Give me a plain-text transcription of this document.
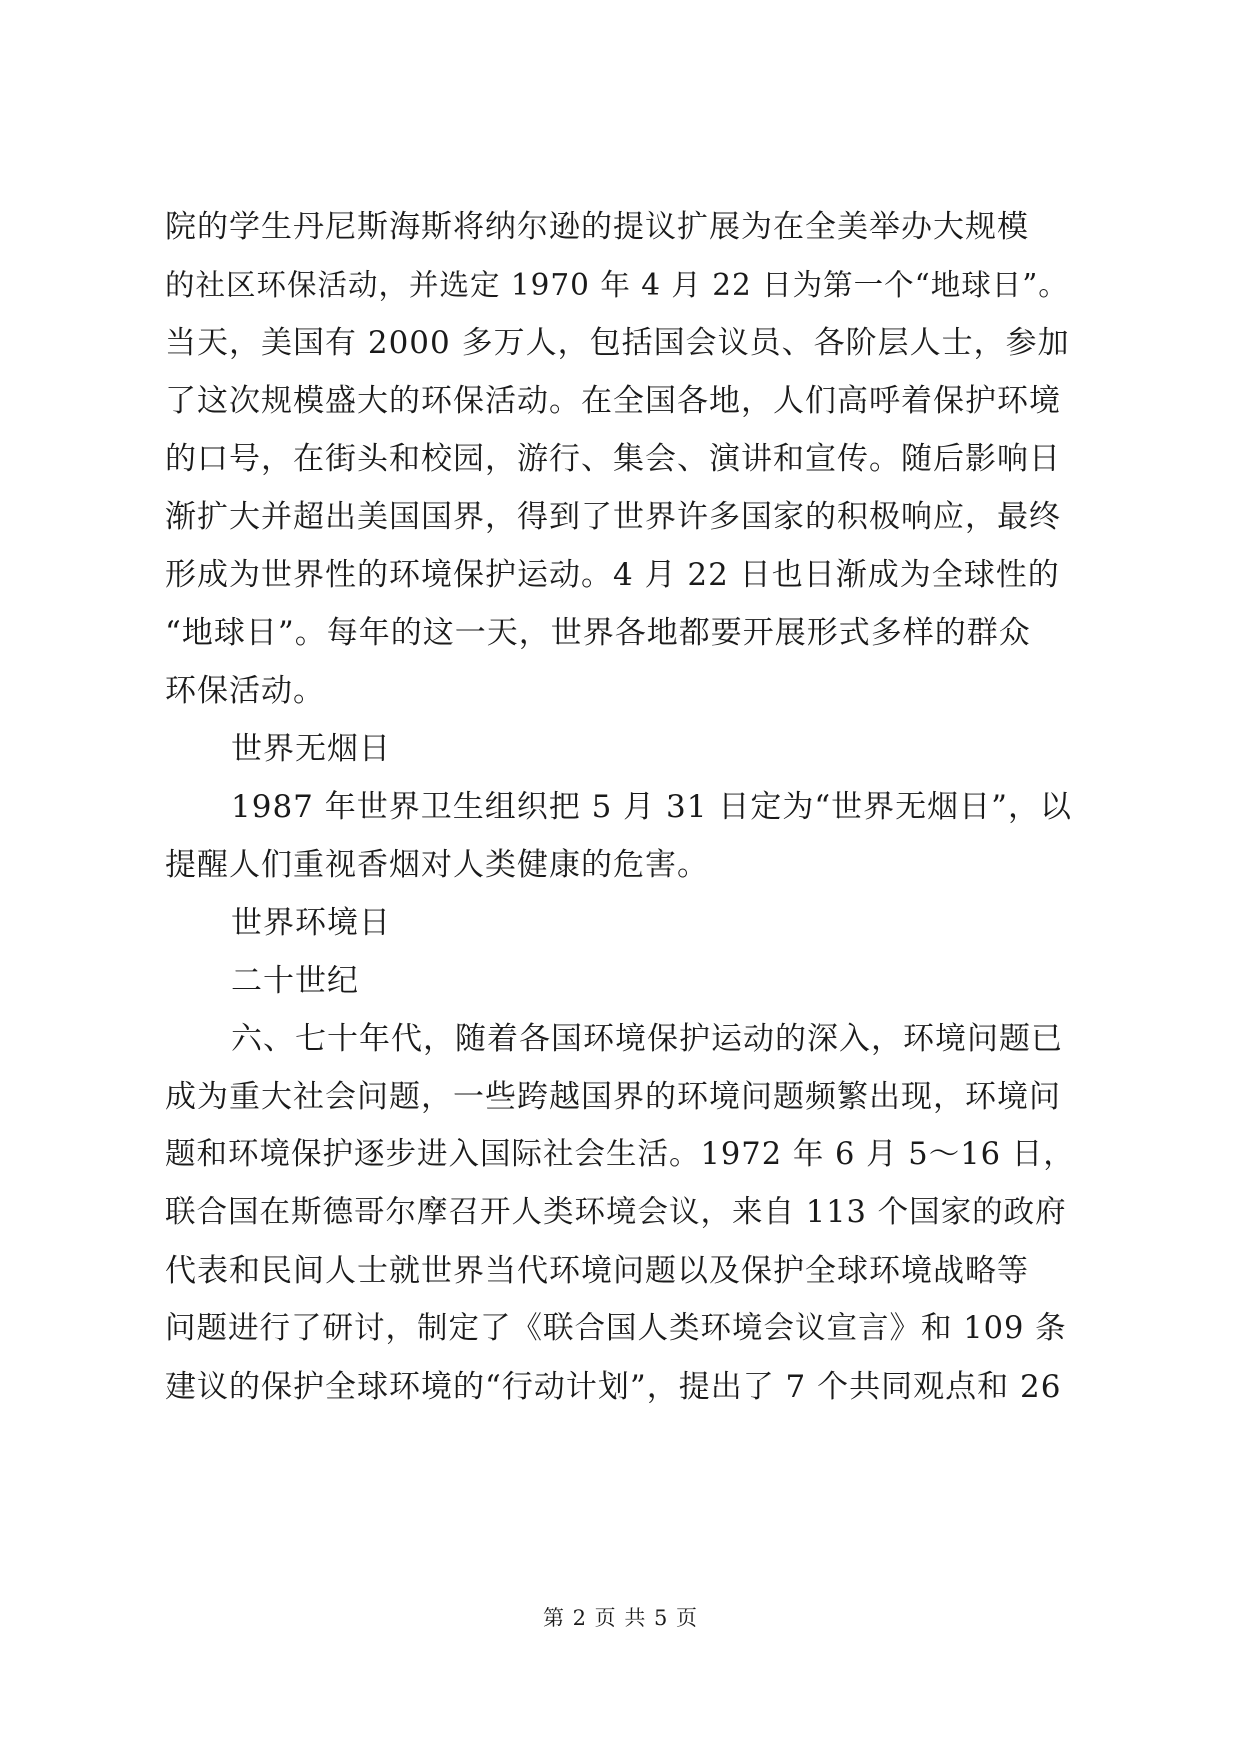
院的学生丹尼斯海斯将纳尔逊的提议扩展为在全美举办大规模
的社区环保活动，并选定 1970 年 4 月 22 日为第一个“地球日”。
当天，美国有 2000 多万人，包括国会议员、各阶层人士，参加
了这次规模盛大的环保活动。在全国各地，人们高呼着保护环境
的口号，在街头和校园，游行、集会、演讲和宣传。随后影响日
渐扩大并超出美国国界，得到了世界许多国家的积极响应，最终
形成为世界性的环境保护运动。4 月 22 日也日渐成为全球性的
“地球日”。每年的这一天，世界各地都要开展形式多样的群众
环保活动。
世界无烟日
1987 年世界卫生组织把 5 月 31 日定为“世界无烟日”，以
提醒人们重视香烟对人类健康的危害。
世界环境日
二十世纪
六、七十年代，随着各国环境保护运动的深入，环境问题已
成为重大社会问题，一些跨越国界的环境问题频繁出现，环境问
题和环境保护逐步进入国际社会生活。1972 年 6 月 5～16 日，
联合国在斯德哥尔摩召开人类环境会议，来自 113 个国家的政府
代表和民间人士就世界当代环境问题以及保护全球环境战略等
问题进行了研讨，制定了《联合国人类环境会议宣言》和 109 条
建议的保护全球环境的“行动计划”，提出了 7 个共同观点和 26
第 2 页 共 5 页
